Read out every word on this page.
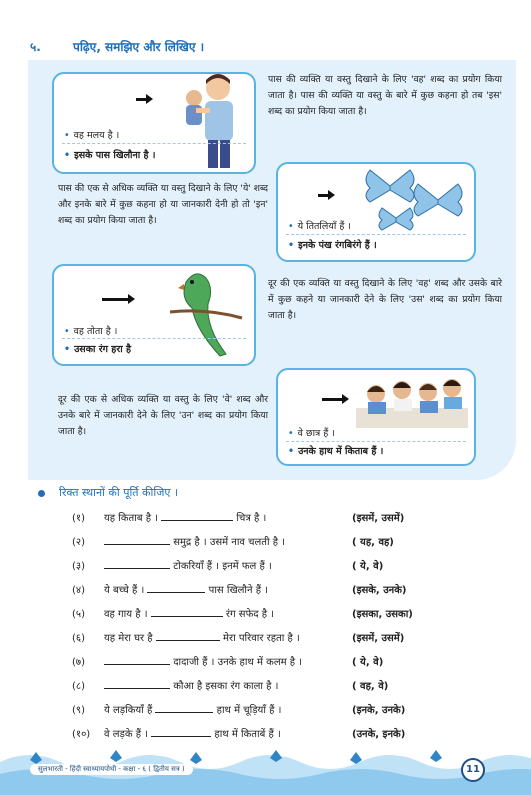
५.	पढ़िए, समझिए और लिखिए ।
• वह मलय है ।
• इसके पास खिलौना है ।
पास की व्यक्ति या वस्तु दिखाने के लिए 'वह' शब्द का प्रयोग किया जाता है। पास की व्यक्ति या वस्तु के बारे में कुछ कहना हो तब 'इस' शब्द का प्रयोग किया जाता है।
पास की एक से अधिक व्यक्ति या वस्तु दिखाने के लिए 'ये' शब्द और इनके बारे में कुछ कहना हो या जानकारी देनी हो तो 'इन' शब्द का प्रयोग किया जाता है।
• ये तितलियाँ हैं ।
• इनके पंख रंगबिरंगे हैं ।
• वह तोता है ।
• उसका रंग हरा है
दूर की एक व्यक्ति या वस्तु दिखाने के लिए 'वह' शब्द और उसके बारे में कुछ कहने या जानकारी देने के लिए 'उस' शब्द का प्रयोग किया जाता है।
दूर की एक से अधिक व्यक्ति या वस्तु के लिए 'वे' शब्द और उनके बारे में जानकारी देने के लिए 'उन' शब्द का प्रयोग किया जाता है।	• वे छात्र हैं ।
• उनके हाथ में किताब हैं ।
रिक्त स्थानों की पूर्ति कीजिए ।
(१)	यह किताब है ।	चित्र है ।	(इसमें, उसमें)
(२)	समुद्र है । उसमें नाव चलती है ।	( यह, वह)
(३)	टोकरियाँ हैं । इनमें फल हैं ।	( ये, वे)
(४)	ये बच्चे हैं ।	पास खिलौने हैं ।	(इसके, उनके)
(५)	वह गाय है ।	रंग सफेद है ।	(इसका, उसका)
(६)	यह मेरा घर है	मेरा परिवार रहता है ।	(इसमें, उसमें)
(७)	दादाजी हैं । उनके हाथ में कलम है ।	( ये, वे)
(८)	कौआ है इसका रंग काला है ।	( वह, वे)
(९)	ये लड़कियाँ हैं	हाथ में चूड़ियाँ हैं ।	(इनके, उनके)
(१०)	वे लड़के हैं ।	हाथ में किताबें हैं ।	(उनके, इनके)
सुलभारती - हिंदी स्वाध्यायपोथी - कक्षा - ६ ( द्वितीय सत्र )	11
